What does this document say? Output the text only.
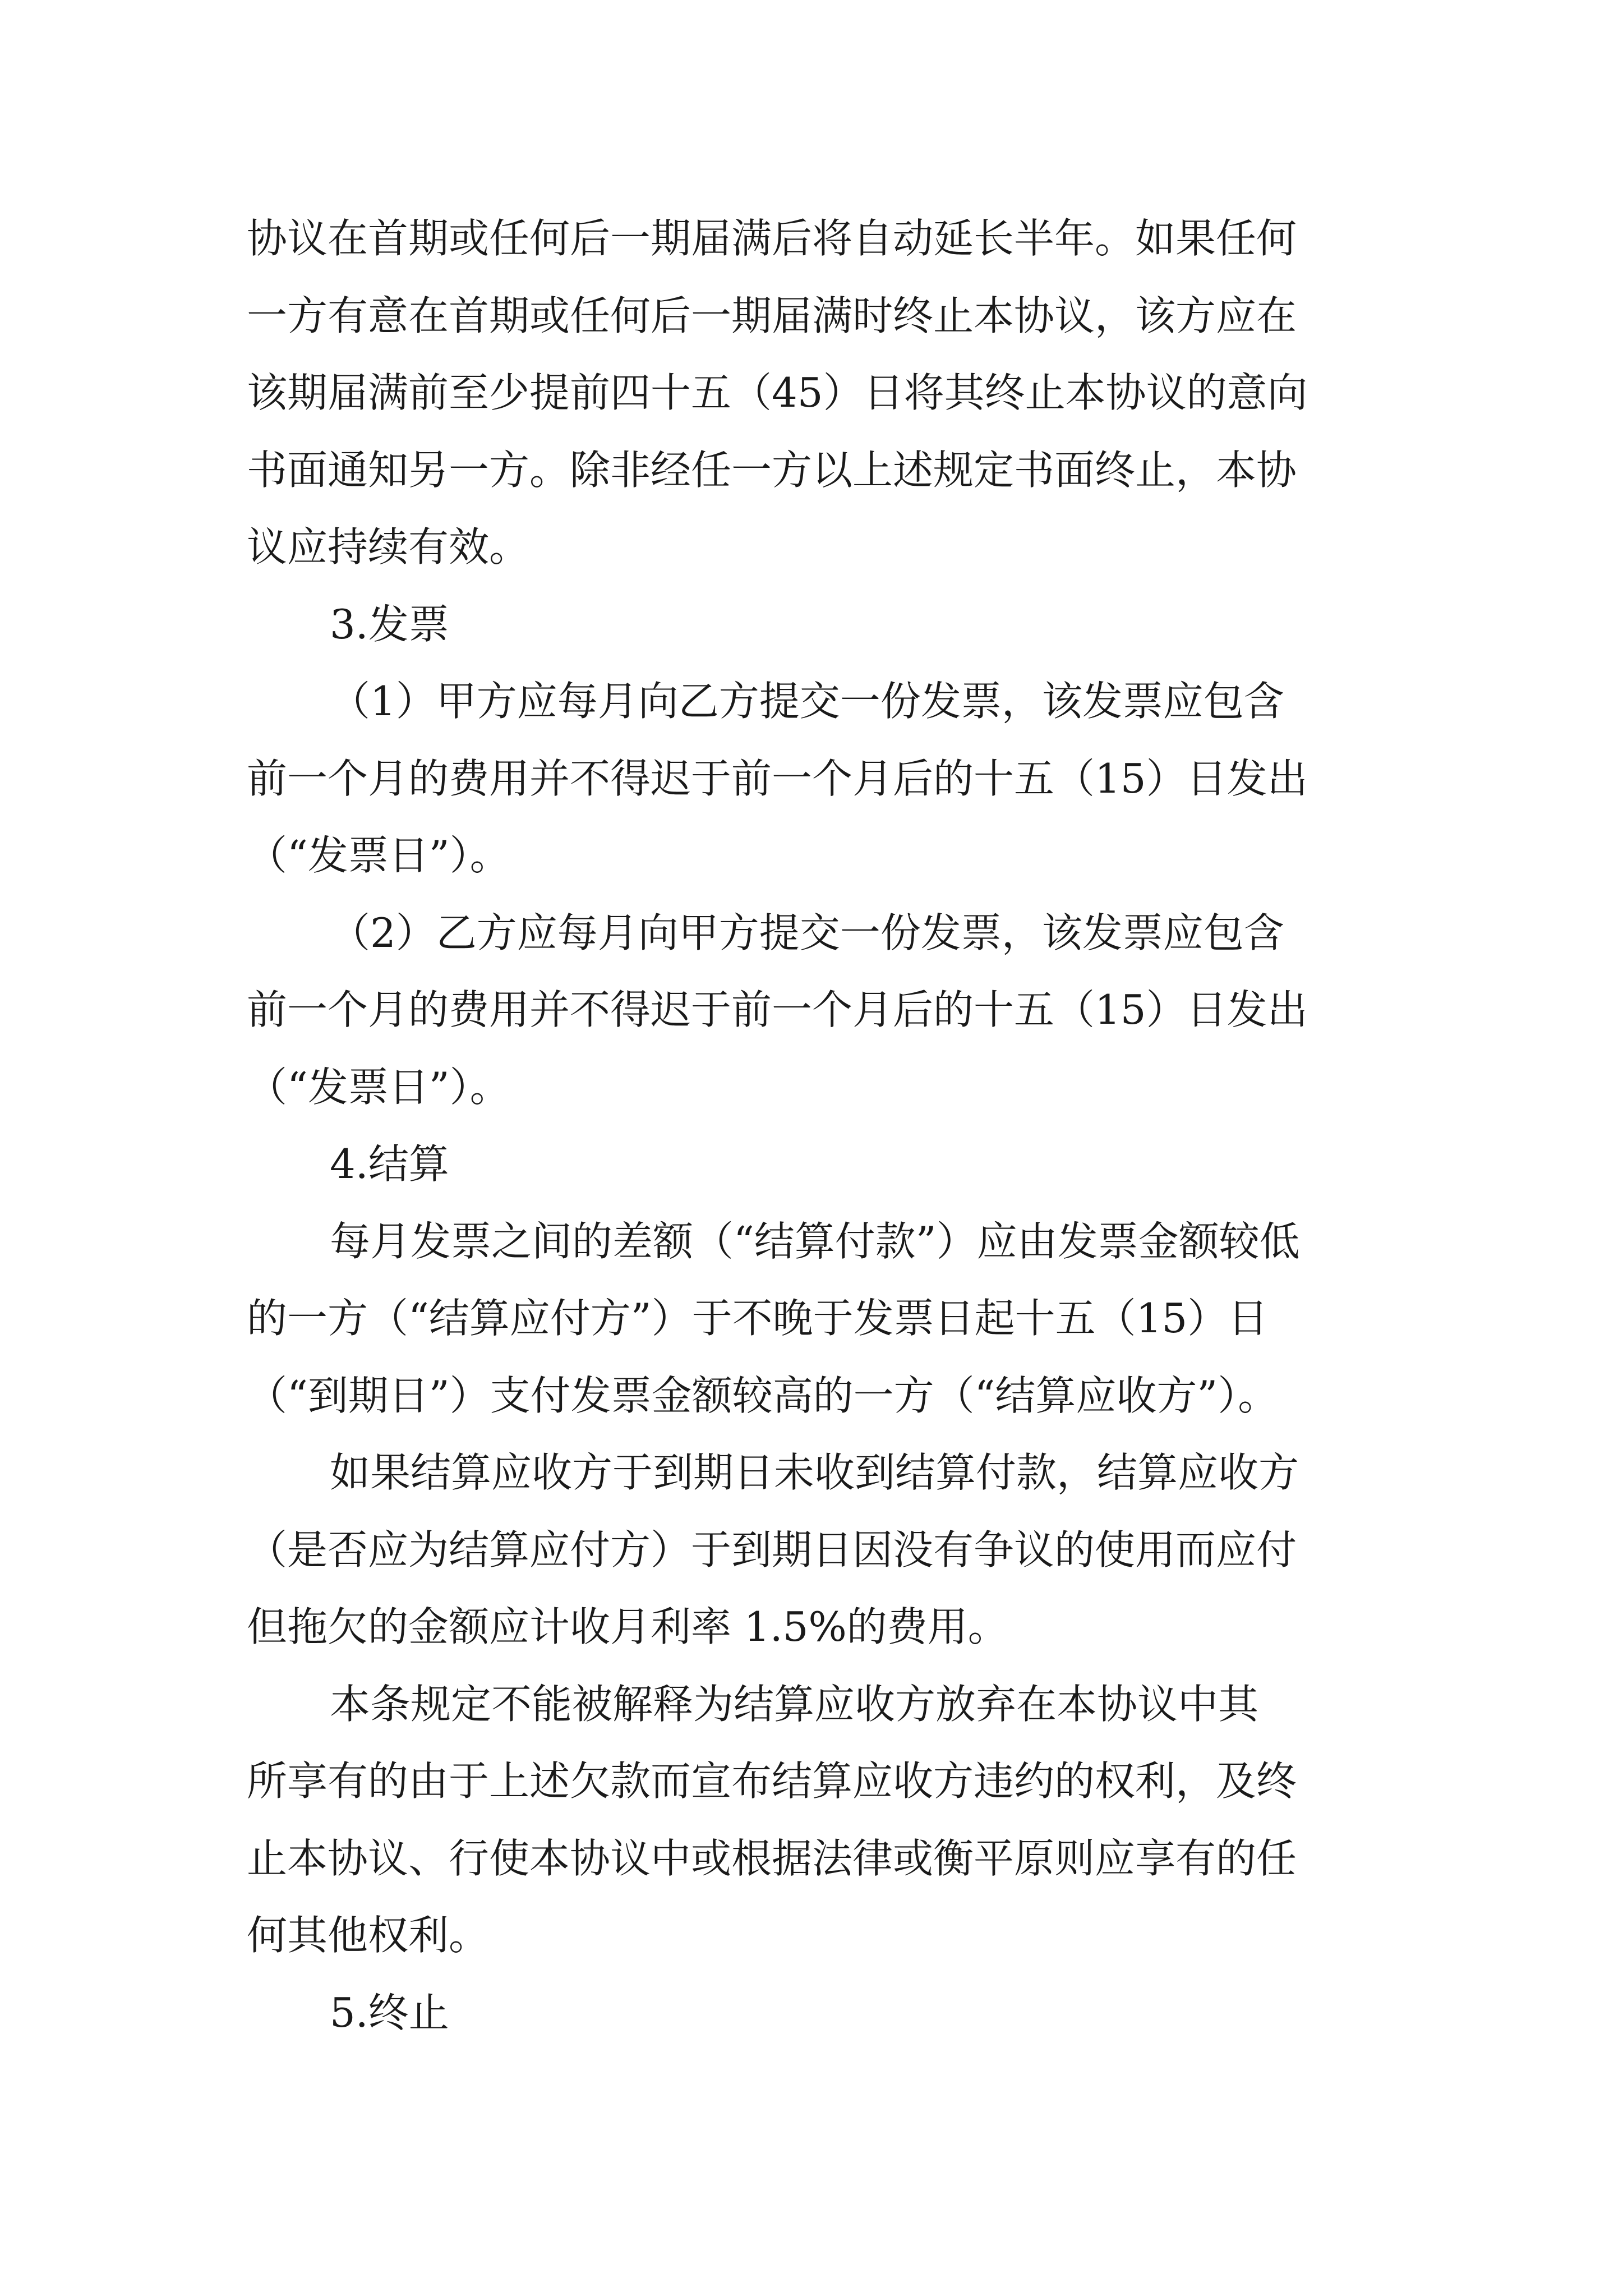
协议在首期或任何后一期届满后将自动延长半年。如果任何
一方有意在首期或任何后一期届满时终止本协议，该方应在
该期届满前至少提前四十五（45）日将其终止本协议的意向
书面通知另一方。除非经任一方以上述规定书面终止，本协
议应持续有效。
3.发票
（1）甲方应每月向乙方提交一份发票，该发票应包含
前一个月的费用并不得迟于前一个月后的十五（15）日发出
（“发票日”）。
（2）乙方应每月向甲方提交一份发票，该发票应包含
前一个月的费用并不得迟于前一个月后的十五（15）日发出
（“发票日”）。
4.结算
每月发票之间的差额（“结算付款”）应由发票金额较低
的一方（“结算应付方”）于不晚于发票日起十五（15）日
（“到期日”）支付发票金额较高的一方（“结算应收方”）。
如果结算应收方于到期日未收到结算付款，结算应收方
（是否应为结算应付方）于到期日因没有争议的使用而应付
但拖欠的金额应计收月利率 1.5%的费用。
本条规定不能被解释为结算应收方放弃在本协议中其
所享有的由于上述欠款而宣布结算应收方违约的权利，及终
止本协议、行使本协议中或根据法律或衡平原则应享有的任
何其他权利。
5.终止
